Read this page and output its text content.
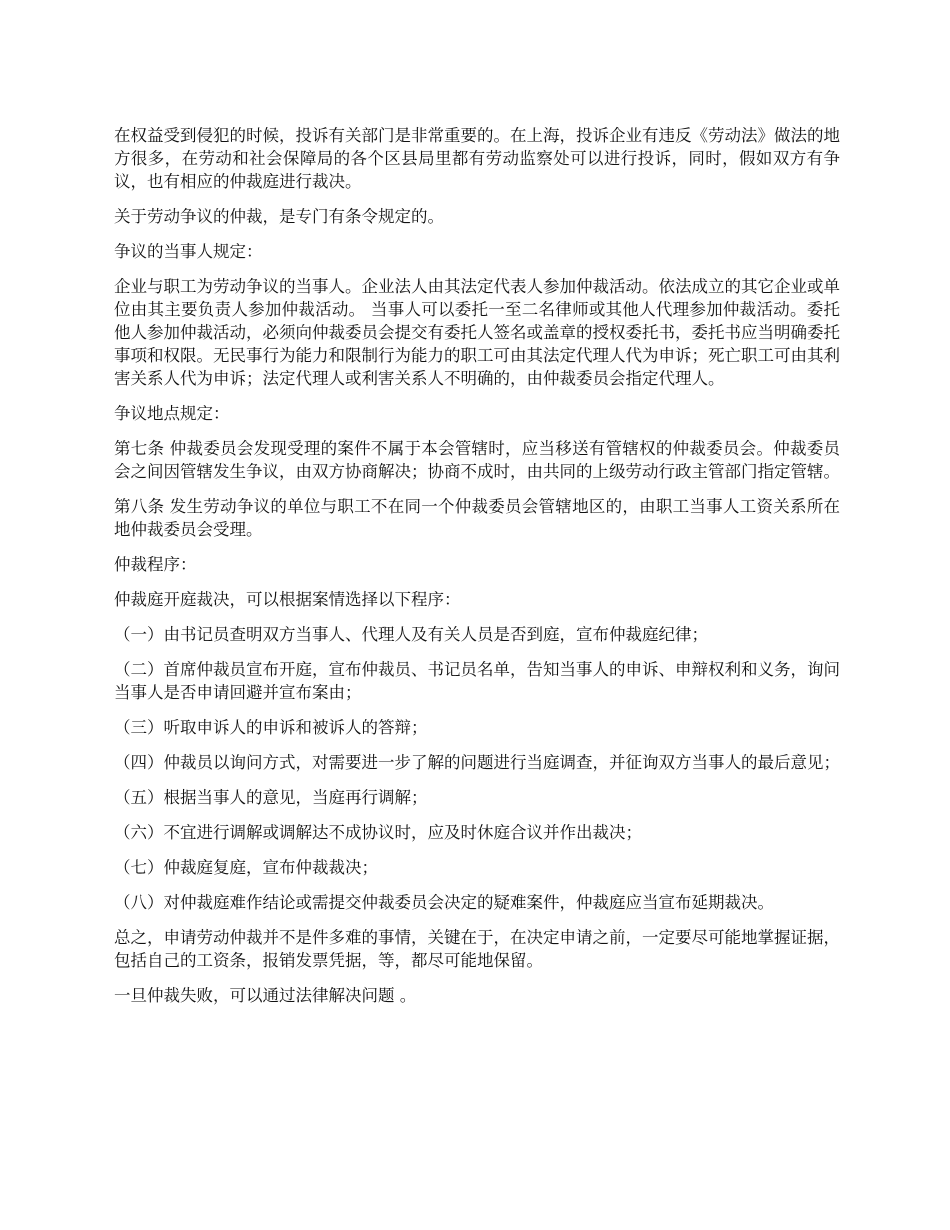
在权益受到侵犯的时候，投诉有关部门是非常重要的。在上海，投诉企业有违反《劳动法》做法的地方很多，在劳动和社会保障局的各个区县局里都有劳动监察处可以进行投诉，同时，假如双方有争议，也有相应的仲裁庭进行裁决。

关于劳动争议的仲裁，是专门有条令规定的。

争议的当事人规定：

企业与职工为劳动争议的当事人。企业法人由其法定代表人参加仲裁活动。依法成立的其它企业或单位由其主要负责人参加仲裁活动。 当事人可以委托一至二名律师或其他人代理参加仲裁活动。委托他人参加仲裁活动，必须向仲裁委员会提交有委托人签名或盖章的授权委托书，委托书应当明确委托事项和权限。无民事行为能力和限制行为能力的职工可由其法定代理人代为申诉；死亡职工可由其利害关系人代为申诉；法定代理人或利害关系人不明确的，由仲裁委员会指定代理人。

争议地点规定：

第七条 仲裁委员会发现受理的案件不属于本会管辖时，应当移送有管辖权的仲裁委员会。仲裁委员会之间因管辖发生争议，由双方协商解决；协商不成时，由共同的上级劳动行政主管部门指定管辖。

第八条 发生劳动争议的单位与职工不在同一个仲裁委员会管辖地区的，由职工当事人工资关系所在地仲裁委员会受理。

仲裁程序：

仲裁庭开庭裁决，可以根据案情选择以下程序：

（一）由书记员查明双方当事人、代理人及有关人员是否到庭，宣布仲裁庭纪律；

（二）首席仲裁员宣布开庭，宣布仲裁员、书记员名单，告知当事人的申诉、申辩权利和义务，询问当事人是否申请回避并宣布案由；

（三）听取申诉人的申诉和被诉人的答辩；

（四）仲裁员以询问方式，对需要进一步了解的问题进行当庭调查，并征询双方当事人的最后意见；

（五）根据当事人的意见，当庭再行调解；

（六）不宜进行调解或调解达不成协议时，应及时休庭合议并作出裁决；

（七）仲裁庭复庭，宣布仲裁裁决；

（八）对仲裁庭难作结论或需提交仲裁委员会决定的疑难案件，仲裁庭应当宣布延期裁决。

总之，申请劳动仲裁并不是件多难的事情，关键在于，在决定申请之前，一定要尽可能地掌握证据，包括自己的工资条，报销发票凭据，等，都尽可能地保留。

一旦仲裁失败，可以通过法律解决问题 。
